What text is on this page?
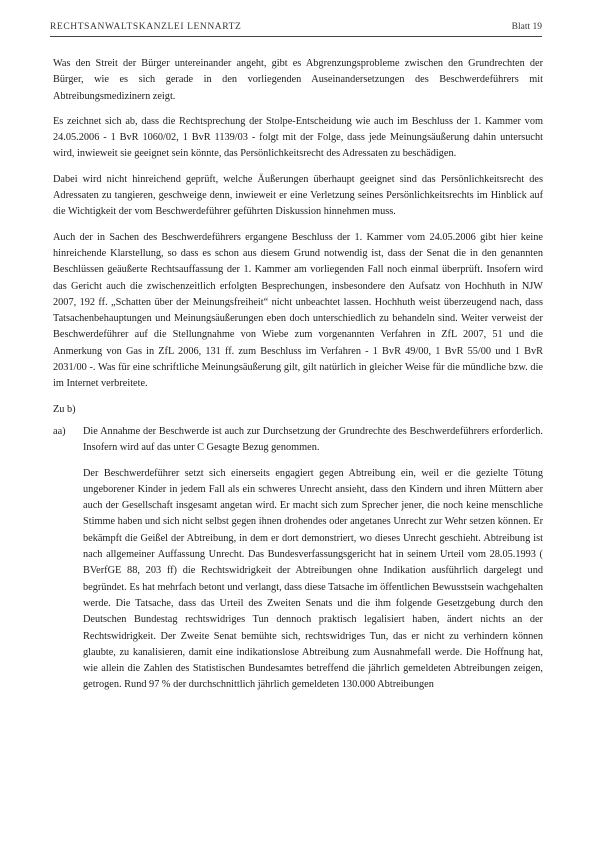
RECHTSANWALTSKANZLEI LENNARTZ	Blatt 19

Was den Streit der Bürger untereinander angeht, gibt es Abgrenzungsprobleme zwischen den Grundrechten der Bürger, wie es sich gerade in den vorliegenden Auseinandersetzungen des Beschwerdeführers mit Abtreibungsmedizinern zeigt.

Es zeichnet sich ab, dass die Rechtsprechung der Stolpe-Entscheidung wie auch im Beschluss der 1. Kammer vom 24.05.2006 - 1 BvR 1060/02, 1 BvR 1139/03 - folgt mit der Folge, dass jede Meinungsäußerung dahin untersucht wird, inwieweit sie geeignet sein könnte, das Persönlichkeitsrecht des Adressaten zu beschädigen.

Dabei wird nicht hinreichend geprüft, welche Äußerungen überhaupt geeignet sind das Persönlichkeitsrecht des Adressaten zu tangieren, geschweige denn, inwieweit er eine Verletzung seines Persönlichkeitsrechts im Hinblick auf die Wichtigkeit der vom Beschwerdeführer geführten Diskussion hinnehmen muss.

Auch der in Sachen des Beschwerdeführers ergangene Beschluss der 1. Kammer vom 24.05.2006 gibt hier keine hinreichende Klarstellung, so dass es schon aus diesem Grund notwendig ist, dass der Senat die in den genannten Beschlüssen geäußerte Rechtsauffassung der 1. Kammer am vorliegenden Fall noch einmal überprüft. Insofern wird das Gericht auch die zwischenzeitlich erfolgten Besprechungen, insbesondere den Aufsatz von Hochhuth in NJW 2007, 192 ff. „Schatten über der Meinungsfreiheit“ nicht unbeachtet lassen. Hochhuth weist überzeugend nach, dass Tatsachenbehauptungen und Meinungsäußerungen eben doch unterschiedlich zu behandeln sind. Weiter verweist der Beschwerdeführer auf die Stellungnahme von Wiebe zum vorgenannten Verfahren in ZfL 2007, 51 und die Anmerkung von Gas in ZfL 2006, 131 ff. zum Beschluss im Verfahren - 1 BvR 49/00, 1 BvR 55/00 und 1 BvR 2031/00 -. Was für eine schriftliche Meinungsäußerung gilt, gilt natürlich in gleicher Weise für die mündliche bzw. die im Internet verbreitete.

Zu b)
aa)	Die Annahme der Beschwerde ist auch zur Durchsetzung der Grundrechte des Beschwerdeführers erforderlich. Insofern wird auf das unter C Gesagte Bezug genommen.

Der Beschwerdeführer setzt sich einerseits engagiert gegen Abtreibung ein, weil er die gezielte Tötung ungeborener Kinder in jedem Fall als ein schweres Unrecht ansieht, dass den Kindern und ihren Müttern aber auch der Gesellschaft insgesamt angetan wird. Er macht sich zum Sprecher jener, die noch keine menschliche Stimme haben und sich nicht selbst gegen ihnen drohendes oder angetanes Unrecht zur Wehr setzen können. Er bekämpft die Geißel der Abtreibung, in dem er dort demonstriert, wo dieses Unrecht geschieht. Abtreibung ist nach allgemeiner Auffassung Unrecht. Das Bundesverfassungsgericht hat in seinem Urteil vom 28.05.1993 ( BVerfGE 88, 203 ff) die Rechtswidrigkeit der Abtreibungen ohne Indikation ausführlich dargelegt und begründet. Es hat mehrfach betont und verlangt, dass diese Tatsache im öffentlichen Bewusstsein wachgehalten werde. Die Tatsache, dass das Urteil des Zweiten Senats und die ihm folgende Gesetzgebung durch den Deutschen Bundestag rechtswidriges Tun dennoch praktisch legalisiert haben, ändert nichts an der Rechtswidrigkeit. Der Zweite Senat bemühte sich, rechtswidriges Tun, das er nicht zu verhindern können glaubte, zu kanalisieren, damit eine indikationslose Abtreibung zum Ausnahmefall werde. Die Hoffnung hat, wie allein die Zahlen des Statistischen Bundesamtes betreffend die jährlich gemeldeten Abtreibungen zeigen, getrogen. Rund 97 % der durchschnittlich jährlich gemeldeten 130.000 Abtreibungen
